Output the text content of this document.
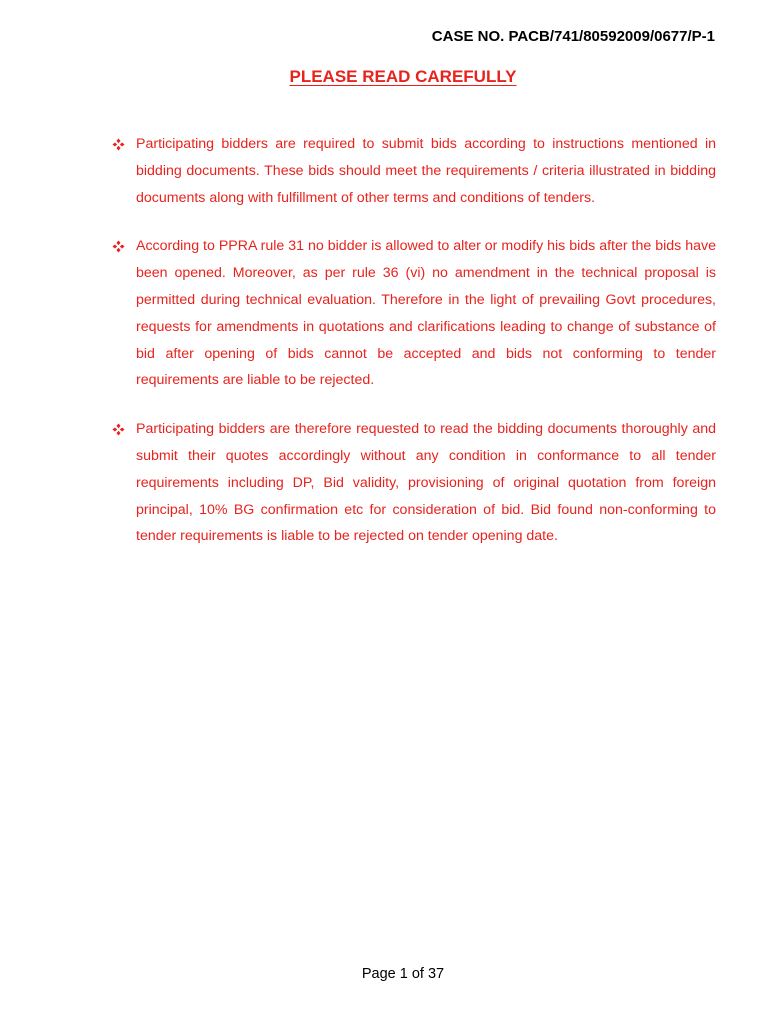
CASE NO. PACB/741/80592009/0677/P-1
PLEASE READ CAREFULLY
Participating bidders are required to submit bids according to instructions mentioned in bidding documents. These bids should meet the requirements / criteria illustrated in bidding documents along with fulfillment of other terms and conditions of tenders.
According to PPRA rule 31 no bidder is allowed to alter or modify his bids after the bids have been opened. Moreover, as per rule 36 (vi) no amendment in the technical proposal is permitted during technical evaluation. Therefore in the light of prevailing Govt procedures, requests for amendments in quotations and clarifications leading to change of substance of bid after opening of bids cannot be accepted and bids not conforming to tender requirements are liable to be rejected.
Participating bidders are therefore requested to read the bidding documents thoroughly and submit their quotes accordingly without any condition in conformance to all tender requirements including DP, Bid validity, provisioning of original quotation from foreign principal, 10% BG confirmation etc for consideration of bid. Bid found non-conforming to tender requirements is liable to be rejected on tender opening date.
Page 1 of 37
